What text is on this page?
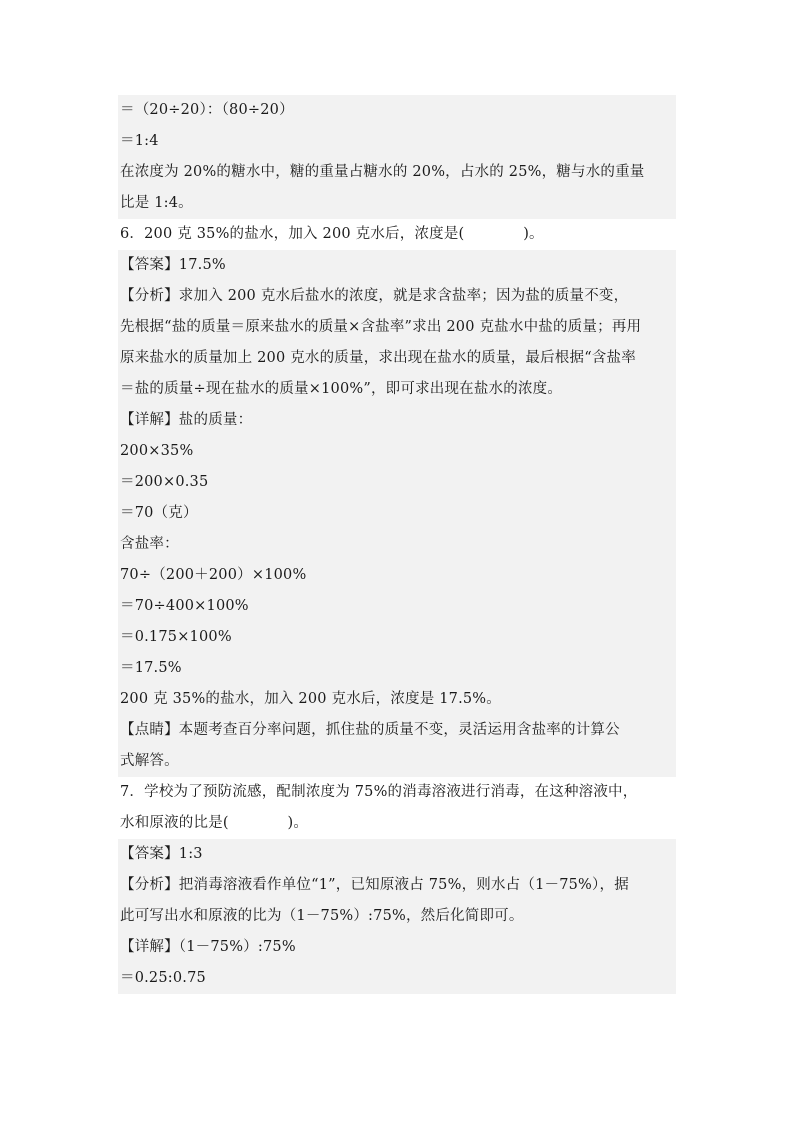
＝（20÷20）：（80÷20）
＝1:4
在浓度为 20%的糖水中，糖的重量占糖水的 20%，占水的 25%，糖与水的重量
比是 1:4。
6．200 克 35%的盐水，加入 200 克水后，浓度是(　　　　)。
【答案】17.5%
【分析】求加入 200 克水后盐水的浓度，就是求含盐率；因为盐的质量不变，
先根据“盐的质量＝原来盐水的质量×含盐率”求出 200 克盐水中盐的质量；再用
原来盐水的质量加上 200 克水的质量，求出现在盐水的质量，最后根据“含盐率
＝盐的质量÷现在盐水的质量×100%”，即可求出现在盐水的浓度。
【详解】盐的质量：
200×35%
＝200×0.35
＝70（克）
含盐率：
70÷（200＋200）×100%
＝70÷400×100%
＝0.175×100%
＝17.5%
200 克 35%的盐水，加入 200 克水后，浓度是 17.5%。
【点睛】本题考查百分率问题，抓住盐的质量不变，灵活运用含盐率的计算公
式解答。
7．学校为了预防流感，配制浓度为 75%的消毒溶液进行消毒，在这种溶液中，
水和原液的比是(　　　　)。
【答案】1:3
【分析】把消毒溶液看作单位“1”，已知原液占 75%，则水占（1－75%），据
此可写出水和原液的比为（1－75%）:75%，然后化简即可。
【详解】（1－75%）:75%
＝0.25:0.75
